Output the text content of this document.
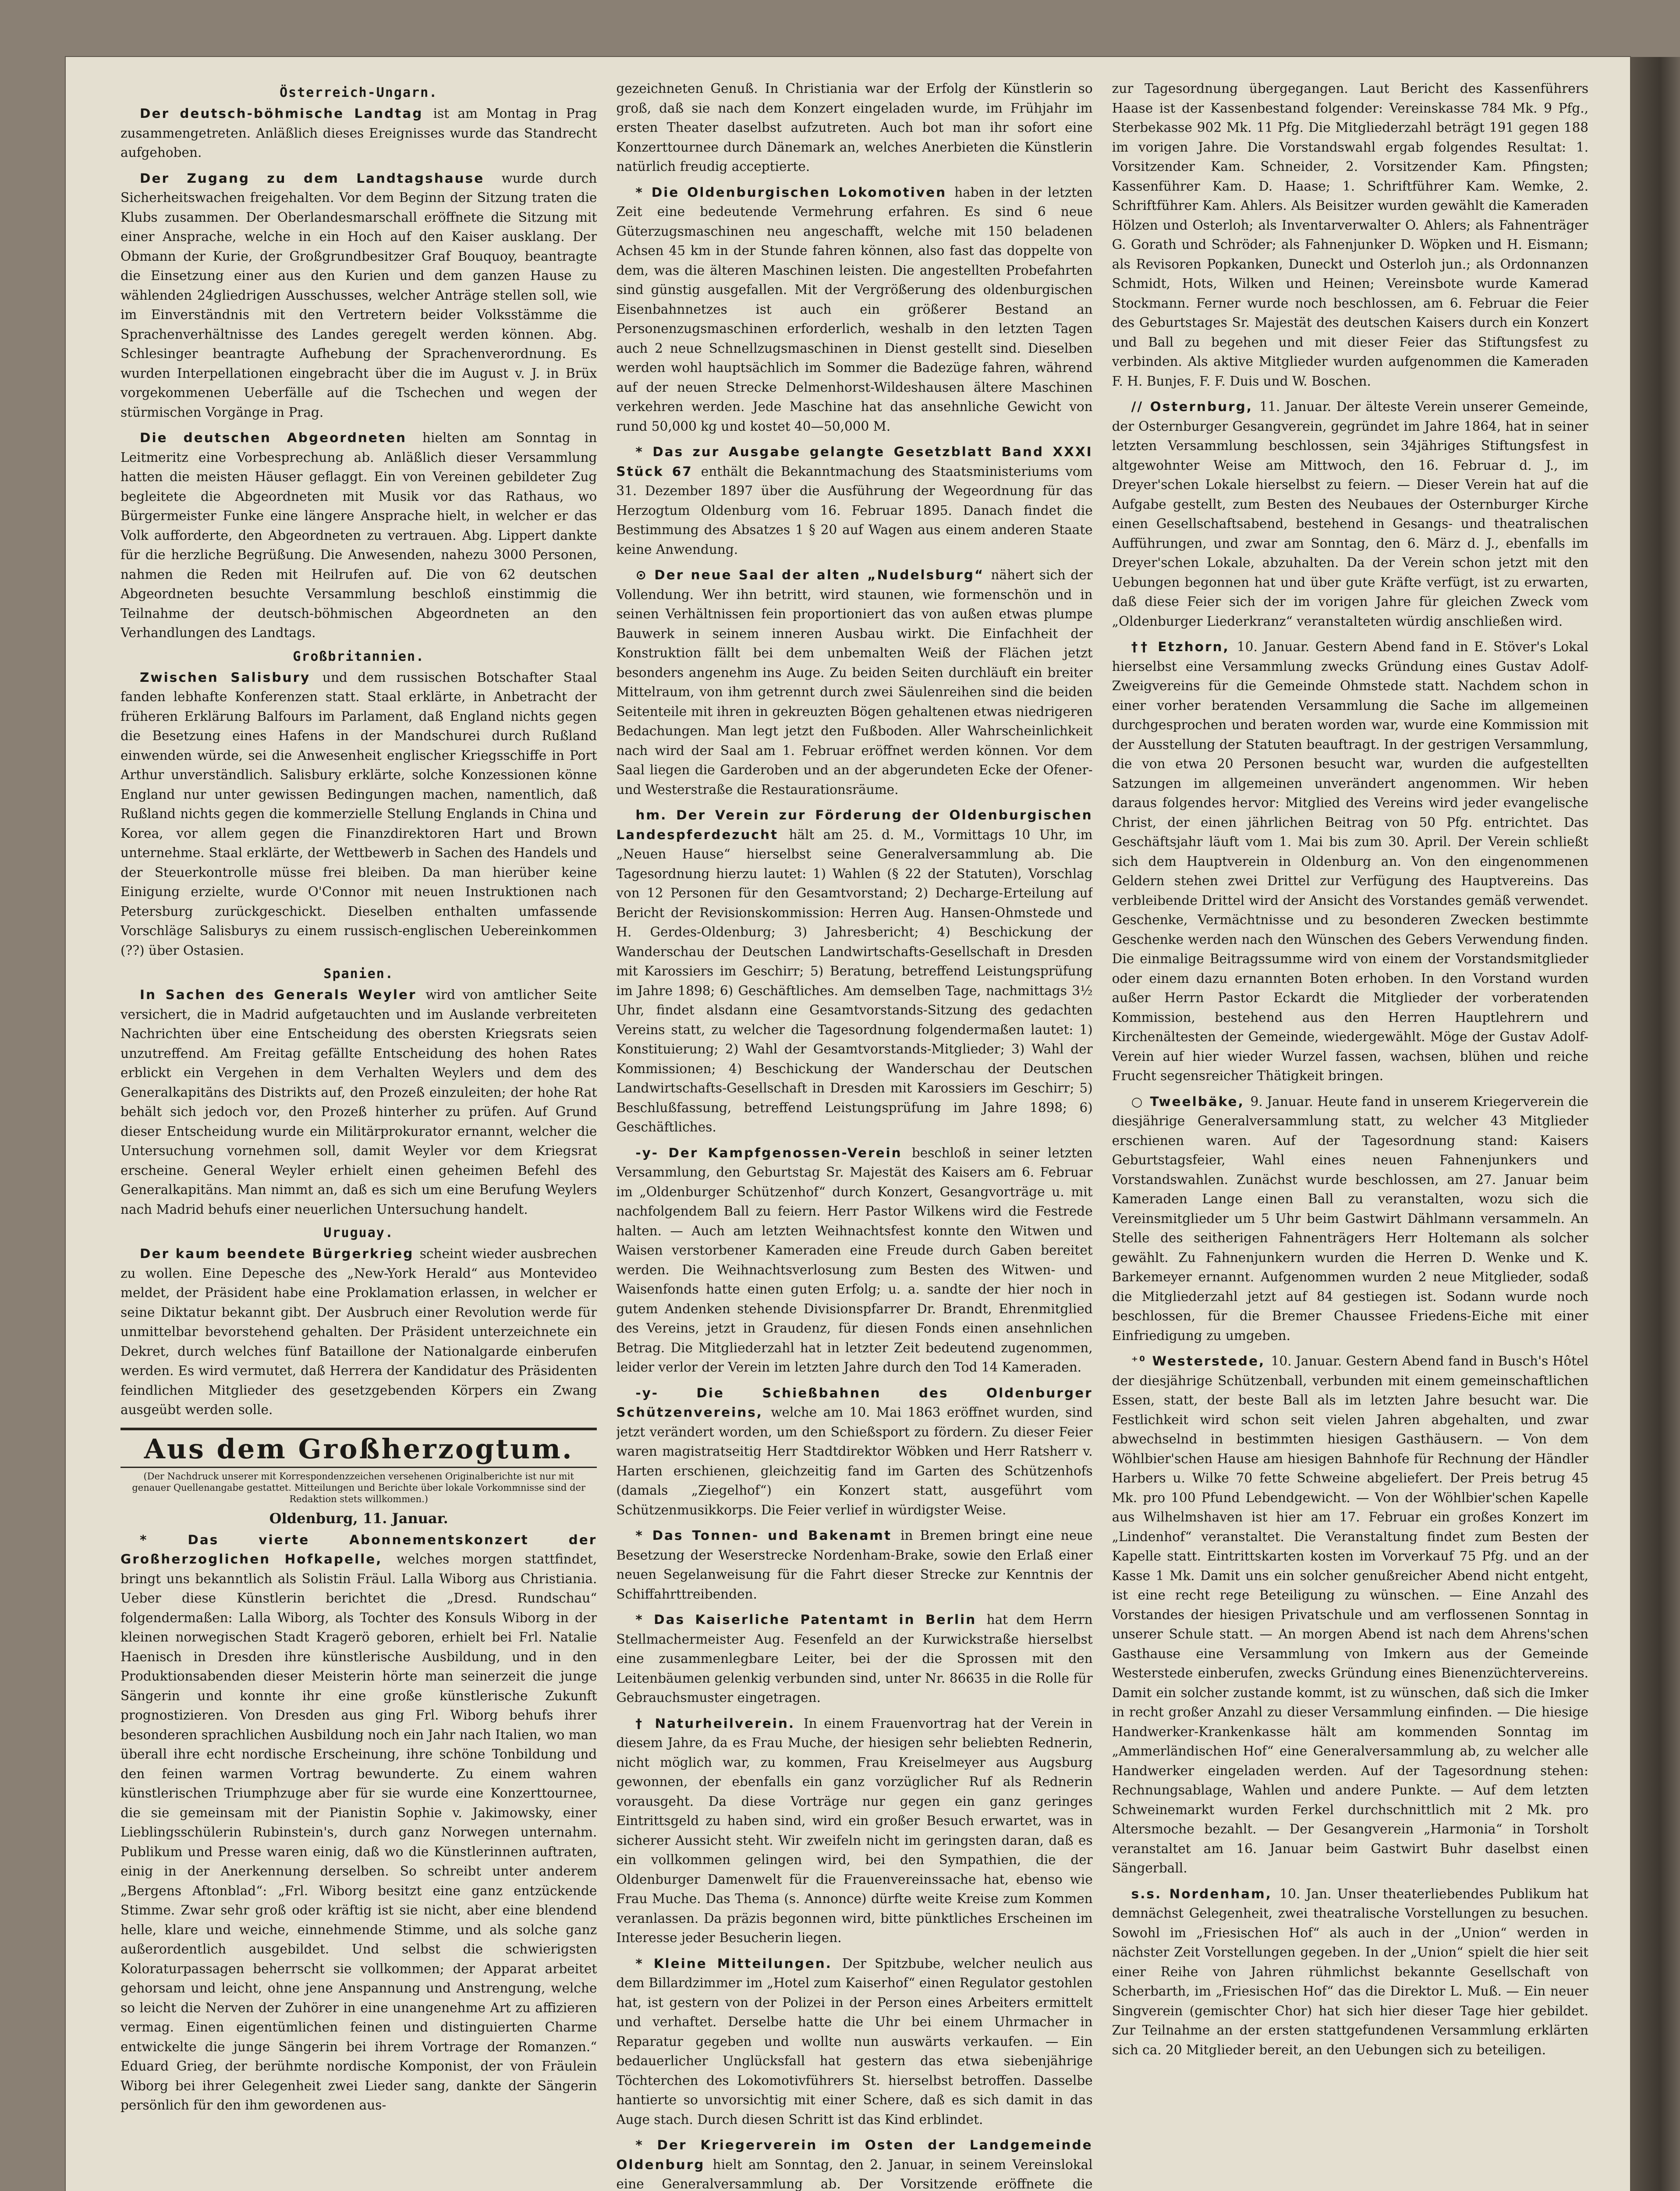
Österreich-Ungarn.

Der deutsch-böhmische Landtag ist am Montag in Prag zusammengetreten. Anläßlich dieses Ereignisses wurde das Standrecht aufgehoben.

Der Zugang zu dem Landtagshause wurde durch Sicherheitswachen freigehalten. Vor dem Beginn der Sitzung traten die Klubs zusammen. Der Oberlandesmarschall eröffnete die Sitzung mit einer Ansprache, welche in ein Hoch auf den Kaiser ausklang. Der Obmann der Kurie, der Großgrundbesitzer Graf Bouquoy, beantragte die Einsetzung einer aus den Kurien und dem ganzen Hause zu wählenden 24gliedrigen Ausschusses, welcher Anträge stellen soll, wie im Einverständnis mit den Vertretern beider Volksstämme die Sprachenverhältnisse des Landes geregelt werden können. Abg. Schlesinger beantragte Aufhebung der Sprachenverordnung. Es wurden Interpellationen eingebracht über die im August v. J. in Brüx vorgekommenen Ueberfälle auf die Tschechen und wegen der stürmischen Vorgänge in Prag.

Die deutschen Abgeordneten hielten am Sonntag in Leitmeritz eine Vorbesprechung ab. Anläßlich dieser Versammlung hatten die meisten Häuser geflaggt. Ein von Vereinen gebildeter Zug begleitete die Abgeordneten mit Musik vor das Rathaus, wo Bürgermeister Funke eine längere Ansprache hielt, in welcher er das Volk aufforderte, den Abgeordneten zu vertrauen. Abg. Lippert dankte für die herzliche Begrüßung. Die Anwesenden, nahezu 3000 Personen, nahmen die Reden mit Heilrufen auf. Die von 62 deutschen Abgeordneten besuchte Versammlung beschloß einstimmig die Teilnahme der deutsch-böhmischen Abgeordneten an den Verhandlungen des Landtags.

Großbritannien.

Zwischen Salisbury und dem russischen Botschafter Staal fanden lebhafte Konferenzen statt. Staal erklärte, in Anbetracht der früheren Erklärung Balfours im Parlament, daß England nichts gegen die Besetzung eines Hafens in der Mandschurei durch Rußland einwenden würde, sei die Anwesenheit englischer Kriegsschiffe in Port Arthur unverständlich. Salisbury erklärte, solche Konzessionen könne England nur unter gewissen Bedingungen machen, namentlich, daß Rußland nichts gegen die kommerzielle Stellung Englands in China und Korea, vor allem gegen die Finanzdirektoren Hart und Brown unternehme. Staal erklärte, der Wettbewerb in Sachen des Handels und der Steuerkontrolle müsse frei bleiben. Da man hierüber keine Einigung erzielte, wurde O'Connor mit neuen Instruktionen nach Petersburg zurückgeschickt. Dieselben enthalten umfassende Vorschläge Salisburys zu einem russisch-englischen Uebereinkommen (??) über Ostasien.

Spanien.

In Sachen des Generals Weyler wird von amtlicher Seite versichert, die in Madrid aufgetauchten und im Auslande verbreiteten Nachrichten über eine Entscheidung des obersten Kriegsrats seien unzutreffend. Am Freitag gefällte Entscheidung des hohen Rates erblickt ein Vergehen in dem Verhalten Weylers und dem des Generalkapitäns des Distrikts auf, den Prozeß einzuleiten; der hohe Rat behält sich jedoch vor, den Prozeß hinterher zu prüfen. Auf Grund dieser Entscheidung wurde ein Militärprokurator ernannt, welcher die Untersuchung vornehmen soll, damit Weyler vor dem Kriegsrat erscheine. General Weyler erhielt einen geheimen Befehl des Generalkapitäns. Man nimmt an, daß es sich um eine Berufung Weylers nach Madrid behufs einer neuerlichen Untersuchung handelt.

Uruguay.

Der kaum beendete Bürgerkrieg scheint wieder ausbrechen zu wollen. Eine Depesche des „New-York Herald“ aus Montevideo meldet, der Präsident habe eine Proklamation erlassen, in welcher er seine Diktatur bekannt gibt. Der Ausbruch einer Revolution werde für unmittelbar bevorstehend gehalten. Der Präsident unterzeichnete ein Dekret, durch welches fünf Bataillone der Nationalgarde einberufen werden. Es wird vermutet, daß Herrera der Kandidatur des Präsidenten feindlichen Mitglieder des gesetzgebenden Körpers ein Zwang ausgeübt werden solle.

Aus dem Großherzogtum.
(Der Nachdruck unserer mit Korrespondenzzeichen versehenen Originalberichte ist nur mit genauer Quellenangabe gestattet. Mitteilungen und Berichte über lokale Vorkommnisse sind der Redaktion stets willkommen.)
Oldenburg, 11. Januar.

* Das vierte Abonnementskonzert der Großherzoglichen Hofkapelle, welches morgen stattfindet, bringt uns bekanntlich als Solistin Fräul. Lalla Wiborg aus Christiania. Ueber diese Künstlerin berichtet die „Dresd. Rundschau“ folgendermaßen: Lalla Wiborg, als Tochter des Konsuls Wiborg in der kleinen norwegischen Stadt Kragerö geboren, erhielt bei Frl. Natalie Haenisch in Dresden ihre künstlerische Ausbildung, und in den Produktionsabenden dieser Meisterin hörte man seinerzeit die junge Sängerin und konnte ihr eine große künstlerische Zukunft prognostizieren. Von Dresden aus ging Frl. Wiborg behufs ihrer besonderen sprachlichen Ausbildung noch ein Jahr nach Italien, wo man überall ihre echt nordische Erscheinung, ihre schöne Tonbildung und den feinen warmen Vortrag bewunderte. Zu einem wahren künstlerischen Triumphzuge aber für sie wurde eine Konzerttournee, die sie gemeinsam mit der Pianistin Sophie v. Jakimowsky, einer Lieblingsschülerin Rubinstein's, durch ganz Norwegen unternahm. Publikum und Presse waren einig, daß wo die Künstlerinnen auftraten, einig in der Anerkennung derselben. So schreibt unter anderem „Bergens Aftonblad“: „Frl. Wiborg besitzt eine ganz entzückende Stimme. Zwar sehr groß oder kräftig ist sie nicht, aber eine blendend helle, klare und weiche, einnehmende Stimme, und als solche ganz außerordentlich ausgebildet. Und selbst die schwierigsten Koloraturpassagen beherrscht sie vollkommen; der Apparat arbeitet gehorsam und leicht, ohne jene Anspannung und Anstrengung, welche so leicht die Nerven der Zuhörer in eine unangenehme Art zu affizieren vermag. Einen eigentümlichen feinen und distinguierten Charme entwickelte die junge Sängerin bei ihrem Vortrage der Romanzen.“ Eduard Grieg, der berühmte nordische Komponist, der von Fräulein Wiborg bei ihrer Gelegenheit zwei Lieder sang, dankte der Sängerin persönlich für den ihm gewordenen aus-

gezeichneten Genuß. In Christiania war der Erfolg der Künstlerin so groß, daß sie nach dem Konzert eingeladen wurde, im Frühjahr im ersten Theater daselbst aufzutreten. Auch bot man ihr sofort eine Konzerttournee durch Dänemark an, welches Anerbieten die Künstlerin natürlich freudig acceptierte.

* Die Oldenburgischen Lokomotiven haben in der letzten Zeit eine bedeutende Vermehrung erfahren. Es sind 6 neue Güterzugsmaschinen neu angeschafft, welche mit 150 beladenen Achsen 45 km in der Stunde fahren können, also fast das doppelte von dem, was die älteren Maschinen leisten. Die angestellten Probefahrten sind günstig ausgefallen. Mit der Vergrößerung des oldenburgischen Eisenbahnnetzes ist auch ein größerer Bestand an Personenzugsmaschinen erforderlich, weshalb in den letzten Tagen auch 2 neue Schnellzugsmaschinen in Dienst gestellt sind. Dieselben werden wohl hauptsächlich im Sommer die Badezüge fahren, während auf der neuen Strecke Delmenhorst-Wildeshausen ältere Maschinen verkehren werden. Jede Maschine hat das ansehnliche Gewicht von rund 50,000 kg und kostet 40—50,000 M.

* Das zur Ausgabe gelangte Gesetzblatt Band XXXI Stück 67 enthält die Bekanntmachung des Staatsministeriums vom 31. Dezember 1897 über die Ausführung der Wegeordnung für das Herzogtum Oldenburg vom 16. Februar 1895. Danach findet die Bestimmung des Absatzes 1 § 20 auf Wagen aus einem anderen Staate keine Anwendung.

⊙ Der neue Saal der alten „Nudelsburg“ nähert sich der Vollendung. Wer ihn betritt, wird staunen, wie formenschön und in seinen Verhältnissen fein proportioniert das von außen etwas plumpe Bauwerk in seinem inneren Ausbau wirkt. Die Einfachheit der Konstruktion fällt bei dem unbemalten Weiß der Flächen jetzt besonders angenehm ins Auge. Zu beiden Seiten durchläuft ein breiter Mittelraum, von ihm getrennt durch zwei Säulenreihen sind die beiden Seitenteile mit ihren in gekreuzten Bögen gehaltenen etwas niedrigeren Bedachungen. Man legt jetzt den Fußboden. Aller Wahrscheinlichkeit nach wird der Saal am 1. Februar eröffnet werden können. Vor dem Saal liegen die Garderoben und an der abgerundeten Ecke der Ofener- und Westerstraße die Restaurationsräume.

hm. Der Verein zur Förderung der Oldenburgischen Landespferdezucht hält am 25. d. M., Vormittags 10 Uhr, im „Neuen Hause“ hierselbst seine Generalversammlung ab. Die Tagesordnung hierzu lautet: 1) Wahlen (§ 22 der Statuten), Vorschlag von 12 Personen für den Gesamtvorstand; 2) Decharge-Erteilung auf Bericht der Revisionskommission: Herren Aug. Hansen-Ohmstede und H. Gerdes-Oldenburg; 3) Jahresbericht; 4) Beschickung der Wanderschau der Deutschen Landwirtschafts-Gesellschaft in Dresden mit Karossiers im Geschirr; 5) Beratung, betreffend Leistungsprüfung im Jahre 1898; 6) Geschäftliches. Am demselben Tage, nachmittags 3½ Uhr, findet alsdann eine Gesamtvorstands-Sitzung des gedachten Vereins statt, zu welcher die Tagesordnung folgendermaßen lautet: 1) Konstituierung; 2) Wahl der Gesamtvorstands-Mitglieder; 3) Wahl der Kommissionen; 4) Beschickung der Wanderschau der Deutschen Landwirtschafts-Gesellschaft in Dresden mit Karossiers im Geschirr; 5) Beschlußfassung, betreffend Leistungsprüfung im Jahre 1898; 6) Geschäftliches.

-y- Der Kampfgenossen-Verein beschloß in seiner letzten Versammlung, den Geburtstag Sr. Majestät des Kaisers am 6. Februar im „Oldenburger Schützenhof“ durch Konzert, Gesangvorträge u. mit nachfolgendem Ball zu feiern. Herr Pastor Wilkens wird die Festrede halten. — Auch am letzten Weihnachtsfest konnte den Witwen und Waisen verstorbener Kameraden eine Freude durch Gaben bereitet werden. Die Weihnachtsverlosung zum Besten des Witwen- und Waisenfonds hatte einen guten Erfolg; u. a. sandte der hier noch in gutem Andenken stehende Divisionspfarrer Dr. Brandt, Ehrenmitglied des Vereins, jetzt in Graudenz, für diesen Fonds einen ansehnlichen Betrag. Die Mitgliederzahl hat in letzter Zeit bedeutend zugenommen, leider verlor der Verein im letzten Jahre durch den Tod 14 Kameraden.

-y- Die Schießbahnen des Oldenburger Schützenvereins, welche am 10. Mai 1863 eröffnet wurden, sind jetzt verändert worden, um den Schießsport zu fördern. Zu dieser Feier waren magistratseitig Herr Stadtdirektor Wöbken und Herr Ratsherr v. Harten erschienen, gleichzeitig fand im Garten des Schützenhofs (damals „Ziegelhof“) ein Konzert statt, ausgeführt vom Schützenmusikkorps. Die Feier verlief in würdigster Weise.

* Das Tonnen- und Bakenamt in Bremen bringt eine neue Besetzung der Weserstrecke Nordenham-Brake, sowie den Erlaß einer neuen Segelanweisung für die Fahrt dieser Strecke zur Kenntnis der Schiffahrttreibenden.

* Das Kaiserliche Patentamt in Berlin hat dem Herrn Stellmachermeister Aug. Fesenfeld an der Kurwickstraße hierselbst eine zusammenlegbare Leiter, bei der die Sprossen mit den Leitenbäumen gelenkig verbunden sind, unter Nr. 86635 in die Rolle für Gebrauchsmuster eingetragen.

† Naturheilverein. In einem Frauenvortrag hat der Verein in diesem Jahre, da es Frau Muche, der hiesigen sehr beliebten Rednerin, nicht möglich war, zu kommen, Frau Kreiselmeyer aus Augsburg gewonnen, der ebenfalls ein ganz vorzüglicher Ruf als Rednerin vorausgeht. Da diese Vorträge nur gegen ein ganz geringes Eintrittsgeld zu haben sind, wird ein großer Besuch erwartet, was in sicherer Aussicht steht. Wir zweifeln nicht im geringsten daran, daß es ein vollkommen gelingen wird, bei den Sympathien, die der Oldenburger Damenwelt für die Frauenvereinssache hat, ebenso wie Frau Muche. Das Thema (s. Annonce) dürfte weite Kreise zum Kommen veranlassen. Da präzis begonnen wird, bitte pünktliches Erscheinen im Interesse jeder Besucherin liegen.

* Kleine Mitteilungen. Der Spitzbube, welcher neulich aus dem Billardzimmer im „Hotel zum Kaiserhof“ einen Regulator gestohlen hat, ist gestern von der Polizei in der Person eines Arbeiters ermittelt und verhaftet. Derselbe hatte die Uhr bei einem Uhrmacher in Reparatur gegeben und wollte nun auswärts verkaufen. — Ein bedauerlicher Unglücksfall hat gestern das etwa siebenjährige Töchterchen des Lokomotivführers St. hierselbst betroffen. Dasselbe hantierte so unvorsichtig mit einer Schere, daß es sich damit in das Auge stach. Durch diesen Schritt ist das Kind erblindet.

* Der Kriegerverein im Osten der Landgemeinde Oldenburg hielt am Sonntag, den 2. Januar, in seinem Vereinslokal eine Generalversammlung ab. Der Vorsitzende eröffnete die

zur Tagesordnung übergegangen. Laut Bericht des Kassenführers Haase ist der Kassenbestand folgender: Vereinskasse 784 Mk. 9 Pfg., Sterbekasse 902 Mk. 11 Pfg. Die Mitgliederzahl beträgt 191 gegen 188 im vorigen Jahre. Die Vorstandswahl ergab folgendes Resultat: 1. Vorsitzender Kam. Schneider, 2. Vorsitzender Kam. Pfingsten; Kassenführer Kam. D. Haase; 1. Schriftführer Kam. Wemke, 2. Schriftführer Kam. Ahlers. Als Beisitzer wurden gewählt die Kameraden Hölzen und Osterloh; als Inventarverwalter O. Ahlers; als Fahnenträger G. Gorath und Schröder; als Fahnenjunker D. Wöpken und H. Eismann; als Revisoren Popkanken, Duneckt und Osterloh jun.; als Ordonnanzen Schmidt, Hots, Wilken und Heinen; Vereinsbote wurde Kamerad Stockmann. Ferner wurde noch beschlossen, am 6. Februar die Feier des Geburtstages Sr. Majestät des deutschen Kaisers durch ein Konzert und Ball zu begehen und mit dieser Feier das Stiftungsfest zu verbinden. Als aktive Mitglieder wurden aufgenommen die Kameraden F. H. Bunjes, F. F. Duis und W. Boschen.

// Osternburg, 11. Januar. Der älteste Verein unserer Gemeinde, der Osternburger Gesangverein, gegründet im Jahre 1864, hat in seiner letzten Versammlung beschlossen, sein 34jähriges Stiftungsfest in altgewohnter Weise am Mittwoch, den 16. Februar d. J., im Dreyer'schen Lokale hierselbst zu feiern. — Dieser Verein hat auf die Aufgabe gestellt, zum Besten des Neubaues der Osternburger Kirche einen Gesellschaftsabend, bestehend in Gesangs- und theatralischen Aufführungen, und zwar am Sonntag, den 6. März d. J., ebenfalls im Dreyer'schen Lokale, abzuhalten. Da der Verein schon jetzt mit den Uebungen begonnen hat und über gute Kräfte verfügt, ist zu erwarten, daß diese Feier sich der im vorigen Jahre für gleichen Zweck vom „Oldenburger Liederkranz“ veranstalteten würdig anschließen wird.

†† Etzhorn, 10. Januar. Gestern Abend fand in E. Stöver's Lokal hierselbst eine Versammlung zwecks Gründung eines Gustav Adolf-Zweigvereins für die Gemeinde Ohmstede statt. Nachdem schon in einer vorher beratenden Versammlung die Sache im allgemeinen durchgesprochen und beraten worden war, wurde eine Kommission mit der Ausstellung der Statuten beauftragt. In der gestrigen Versammlung, die von etwa 20 Personen besucht war, wurden die aufgestellten Satzungen im allgemeinen unverändert angenommen. Wir heben daraus folgendes hervor: Mitglied des Vereins wird jeder evangelische Christ, der einen jährlichen Beitrag von 50 Pfg. entrichtet. Das Geschäftsjahr läuft vom 1. Mai bis zum 30. April. Der Verein schließt sich dem Hauptverein in Oldenburg an. Von den eingenommenen Geldern stehen zwei Drittel zur Verfügung des Hauptvereins. Das verbleibende Drittel wird der Ansicht des Vorstandes gemäß verwendet. Geschenke, Vermächtnisse und zu besonderen Zwecken bestimmte Geschenke werden nach den Wünschen des Gebers Verwendung finden. Die einmalige Beitragssumme wird von einem der Vorstandsmitglieder oder einem dazu ernannten Boten erhoben. In den Vorstand wurden außer Herrn Pastor Eckardt die Mitglieder der vorberatenden Kommission, bestehend aus den Herren Hauptlehrern und Kirchenältesten der Gemeinde, wiedergewählt. Möge der Gustav Adolf-Verein auf hier wieder Wurzel fassen, wachsen, blühen und reiche Frucht segensreicher Thätigkeit bringen.

○ Tweelbäke, 9. Januar. Heute fand in unserem Kriegerverein die diesjährige Generalversammlung statt, zu welcher 43 Mitglieder erschienen waren. Auf der Tagesordnung stand: Kaisers Geburtstagsfeier, Wahl eines neuen Fahnenjunkers und Vorstandswahlen. Zunächst wurde beschlossen, am 27. Januar beim Kameraden Lange einen Ball zu veranstalten, wozu sich die Vereinsmitglieder um 5 Uhr beim Gastwirt Dählmann versammeln. An Stelle des seitherigen Fahnenträgers Herr Holtemann als solcher gewählt. Zu Fahnenjunkern wurden die Herren D. Wenke und K. Barkemeyer ernannt. Aufgenommen wurden 2 neue Mitglieder, sodaß die Mitgliederzahl jetzt auf 84 gestiegen ist. Sodann wurde noch beschlossen, für die Bremer Chaussee Friedens-Eiche mit einer Einfriedigung zu umgeben.

⁺⁰ Westerstede, 10. Januar. Gestern Abend fand in Busch's Hôtel der diesjährige Schützenball, verbunden mit einem gemeinschaftlichen Essen, statt, der beste Ball als im letzten Jahre besucht war. Die Festlichkeit wird schon seit vielen Jahren abgehalten, und zwar abwechselnd in bestimmten hiesigen Gasthäusern. — Von dem Wöhlbier'schen Hause am hiesigen Bahnhofe für Rechnung der Händler Harbers u. Wilke 70 fette Schweine abgeliefert. Der Preis betrug 45 Mk. pro 100 Pfund Lebendgewicht. — Von der Wöhlbier'schen Kapelle aus Wilhelmshaven ist hier am 17. Februar ein großes Konzert im „Lindenhof“ veranstaltet. Die Veranstaltung findet zum Besten der Kapelle statt. Eintrittskarten kosten im Vorverkauf 75 Pfg. und an der Kasse 1 Mk. Damit uns ein solcher genußreicher Abend nicht entgeht, ist eine recht rege Beteiligung zu wünschen. — Eine Anzahl des Vorstandes der hiesigen Privatschule und am verflossenen Sonntag in unserer Schule statt. — An morgen Abend ist nach dem Ahrens'schen Gasthause eine Versammlung von Imkern aus der Gemeinde Westerstede einberufen, zwecks Gründung eines Bienenzüchtervereins. Damit ein solcher zustande kommt, ist zu wünschen, daß sich die Imker in recht großer Anzahl zu dieser Versammlung einfinden. — Die hiesige Handwerker-Krankenkasse hält am kommenden Sonntag im „Ammerländischen Hof“ eine Generalversammlung ab, zu welcher alle Handwerker eingeladen werden. Auf der Tagesordnung stehen: Rechnungsablage, Wahlen und andere Punkte. — Auf dem letzten Schweinemarkt wurden Ferkel durchschnittlich mit 2 Mk. pro Altersmoche bezahlt. — Der Gesangverein „Harmonia“ in Torsholt veranstaltet am 16. Januar beim Gastwirt Buhr daselbst einen Sängerball.

s.s. Nordenham, 10. Jan. Unser theaterliebendes Publikum hat demnächst Gelegenheit, zwei theatralische Vorstellungen zu besuchen. Sowohl im „Friesischen Hof“ als auch in der „Union“ werden in nächster Zeit Vorstellungen gegeben. In der „Union“ spielt die hier seit einer Reihe von Jahren rühmlichst bekannte Gesellschaft von Scherbarth, im „Friesischen Hof“ das die Direktor L. Muß. — Ein neuer Singverein (gemischter Chor) hat sich hier dieser Tage hier gebildet. Zur Teilnahme an der ersten stattgefundenen Versammlung erklärten sich ca. 20 Mitglieder bereit, an den Uebungen sich zu beteiligen.
